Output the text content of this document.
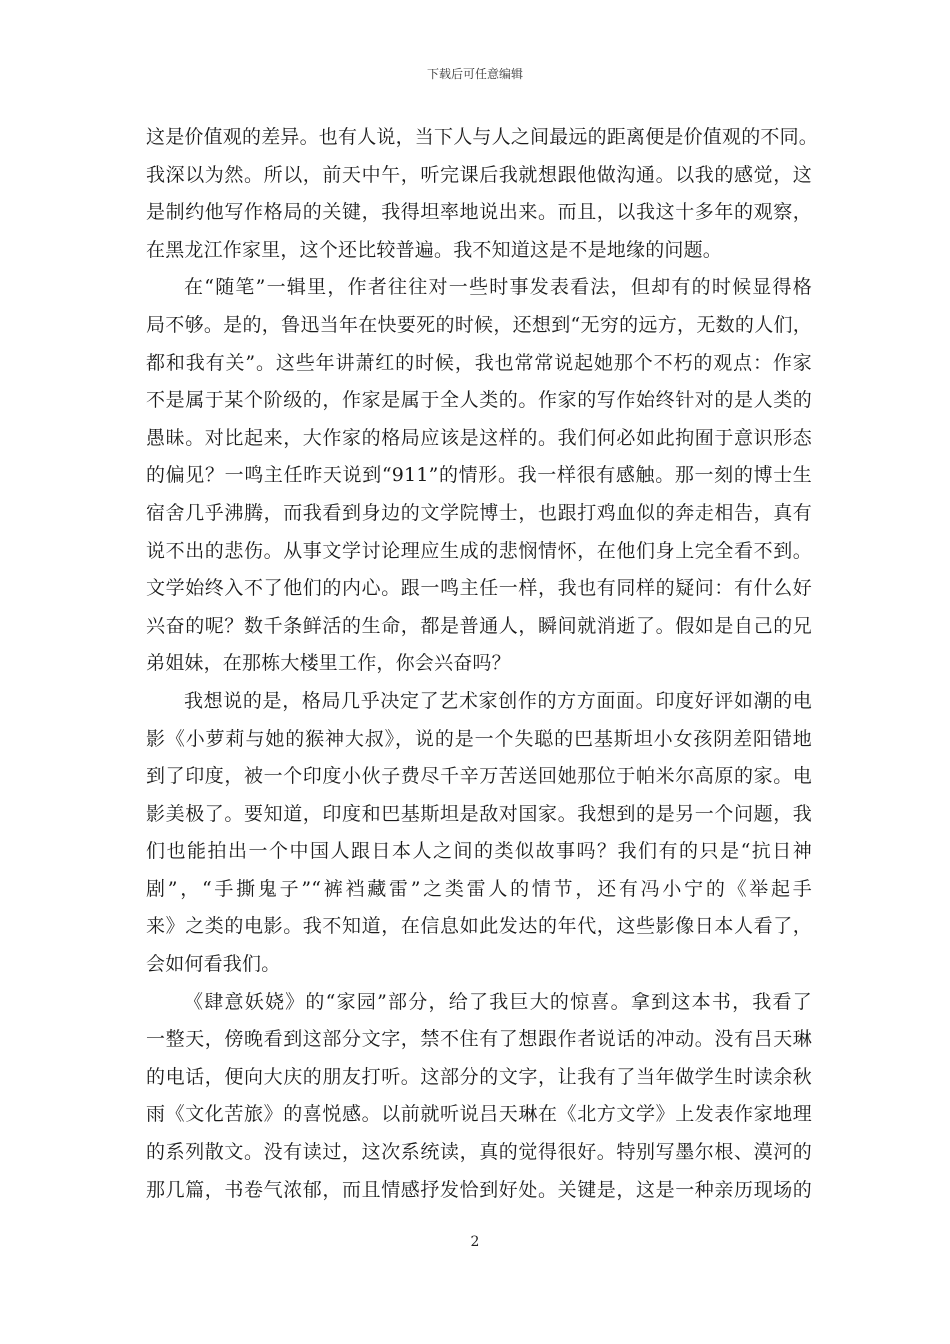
下载后可任意编辑
这是价值观的差异。也有人说，当下人与人之间最远的距离便是价值观的不同。
我深以为然。所以，前天中午，听完课后我就想跟他做沟通。以我的感觉，这
是制约他写作格局的关键，我得坦率地说出来。而且，以我这十多年的观察，
在黑龙江作家里，这个还比较普遍。我不知道这是不是地缘的问题。
在“随笔”一辑里，作者往往对一些时事发表看法，但却有的时候显得格
局不够。是的，鲁迅当年在快要死的时候，还想到“无穷的远方，无数的人们，
都和我有关”。这些年讲萧红的时候，我也常常说起她那个不朽的观点：作家
不是属于某个阶级的，作家是属于全人类的。作家的写作始终针对的是人类的
愚昧。对比起来，大作家的格局应该是这样的。我们何必如此拘囿于意识形态
的偏见？一鸣主任昨天说到“911”的情形。我一样很有感触。那一刻的博士生
宿舍几乎沸腾，而我看到身边的文学院博士，也跟打鸡血似的奔走相告，真有
说不出的悲伤。从事文学讨论理应生成的悲悯情怀，在他们身上完全看不到。
文学始终入不了他们的内心。跟一鸣主任一样，我也有同样的疑问：有什么好
兴奋的呢？数千条鲜活的生命，都是普通人，瞬间就消逝了。假如是自己的兄
弟姐妹，在那栋大楼里工作，你会兴奋吗？
我想说的是，格局几乎决定了艺术家创作的方方面面。印度好评如潮的电
影《小萝莉与她的猴神大叔》，说的是一个失聪的巴基斯坦小女孩阴差阳错地
到了印度，被一个印度小伙子费尽千辛万苦送回她那位于帕米尔高原的家。电
影美极了。要知道，印度和巴基斯坦是敌对国家。我想到的是另一个问题，我
们也能拍出一个中国人跟日本人之间的类似故事吗？我们有的只是“抗日神
剧”，“手撕鬼子”“裤裆藏雷”之类雷人的情节，还有冯小宁的《举起手
来》之类的电影。我不知道，在信息如此发达的年代，这些影像日本人看了，
会如何看我们。
《肆意妖娆》的“家园”部分，给了我巨大的惊喜。拿到这本书，我看了
一整天，傍晚看到这部分文字，禁不住有了想跟作者说话的冲动。没有吕天琳
的电话，便向大庆的朋友打听。这部分的文字，让我有了当年做学生时读余秋
雨《文化苦旅》的喜悦感。以前就听说吕天琳在《北方文学》上发表作家地理
的系列散文。没有读过，这次系统读，真的觉得很好。特别写墨尔根、漠河的
那几篇，书卷气浓郁，而且情感抒发恰到好处。关键是，这是一种亲历现场的
2
